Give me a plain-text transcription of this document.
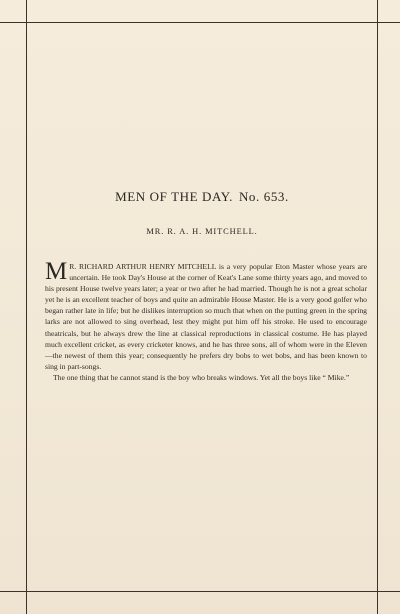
MEN OF THE DAY. No. 653.
MR. R. A. H. MITCHELL.

M R. RICHARD ARTHUR HENRY MITCHELL is a very popular Eton Master whose years are uncertain. He took Day's House at the corner of Keat's Lane some thirty years ago, and moved to his present House twelve years later; a year or two after he had married. Though he is not a great scholar yet he is an excellent teacher of boys and quite an admirable House Master. He is a very good golfer who began rather late in life; but he dislikes interruption so much that when on the putting green in the spring larks are not allowed to sing overhead, lest they might put him off his stroke. He used to encourage theatricals, but he always drew the line at classical reproductions in classical costume. He has played much excellent cricket, as every cricketer knows, and he has three sons, all of whom were in the Eleven—the newest of them this year; consequently he prefers dry bobs to wet bobs, and has been known to sing in part-songs.

The one thing that he cannot stand is the boy who breaks windows. Yet all the boys like “ Mike.”
